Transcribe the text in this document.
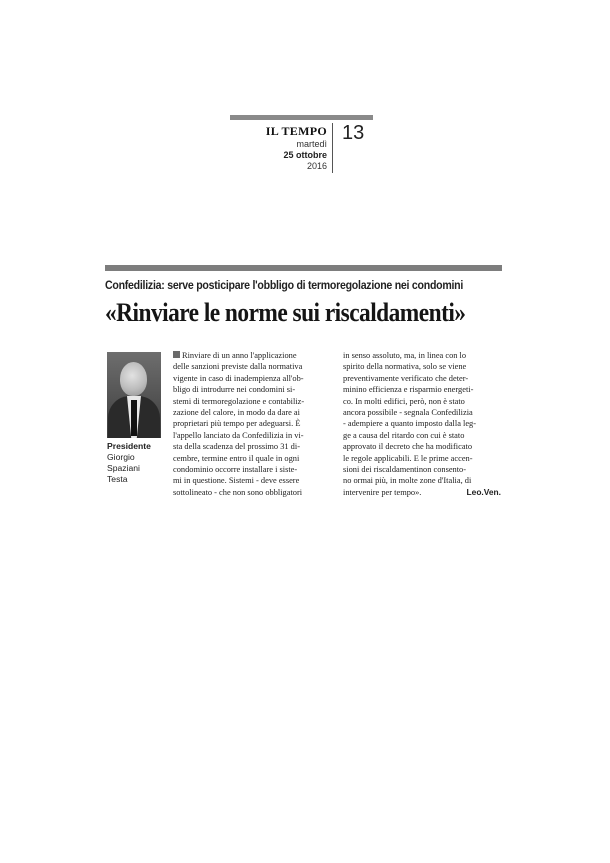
IL TEMPO
martedì
25 ottobre
2016
13
Confedilizia: serve posticipare l'obbligo di termoregolazione nei condomini
«Rinviare le norme sui riscaldamenti»
Presidente
Giorgio
Spaziani
Testa
Rinviare di un anno l'applicazione
delle sanzioni previste dalla normativa
vigente in caso di inadempienza all'ob-
bligo di introdurre nei condomini si-
stemi di termoregolazione e contabiliz-
zazione del calore, in modo da dare ai
proprietari più tempo per adeguarsi. È
l'appello lanciato da Confedilizia in vi-
sta della scadenza del prossimo 31 di-
cembre, termine entro il quale in ogni
condominio occorre installare i siste-
mi in questione. Sistemi - deve essere
sottolineato - che non sono obbligatori
in senso assoluto, ma, in linea con lo
spirito della normativa, solo se viene
preventivamente verificato che deter-
minino efficienza e risparmio energeti-
co. In molti edifici, però, non è stato
ancora possibile - segnala Confedilizia
- adempiere a quanto imposto dalla leg-
ge a causa del ritardo con cui è stato
approvato il decreto che ha modificato
le regole applicabili. E le prime accen-
sioni dei riscaldamentinon consento-
no ormai più, in molte zone d'Italia, di
intervenire per tempo».	Leo.Ven.
